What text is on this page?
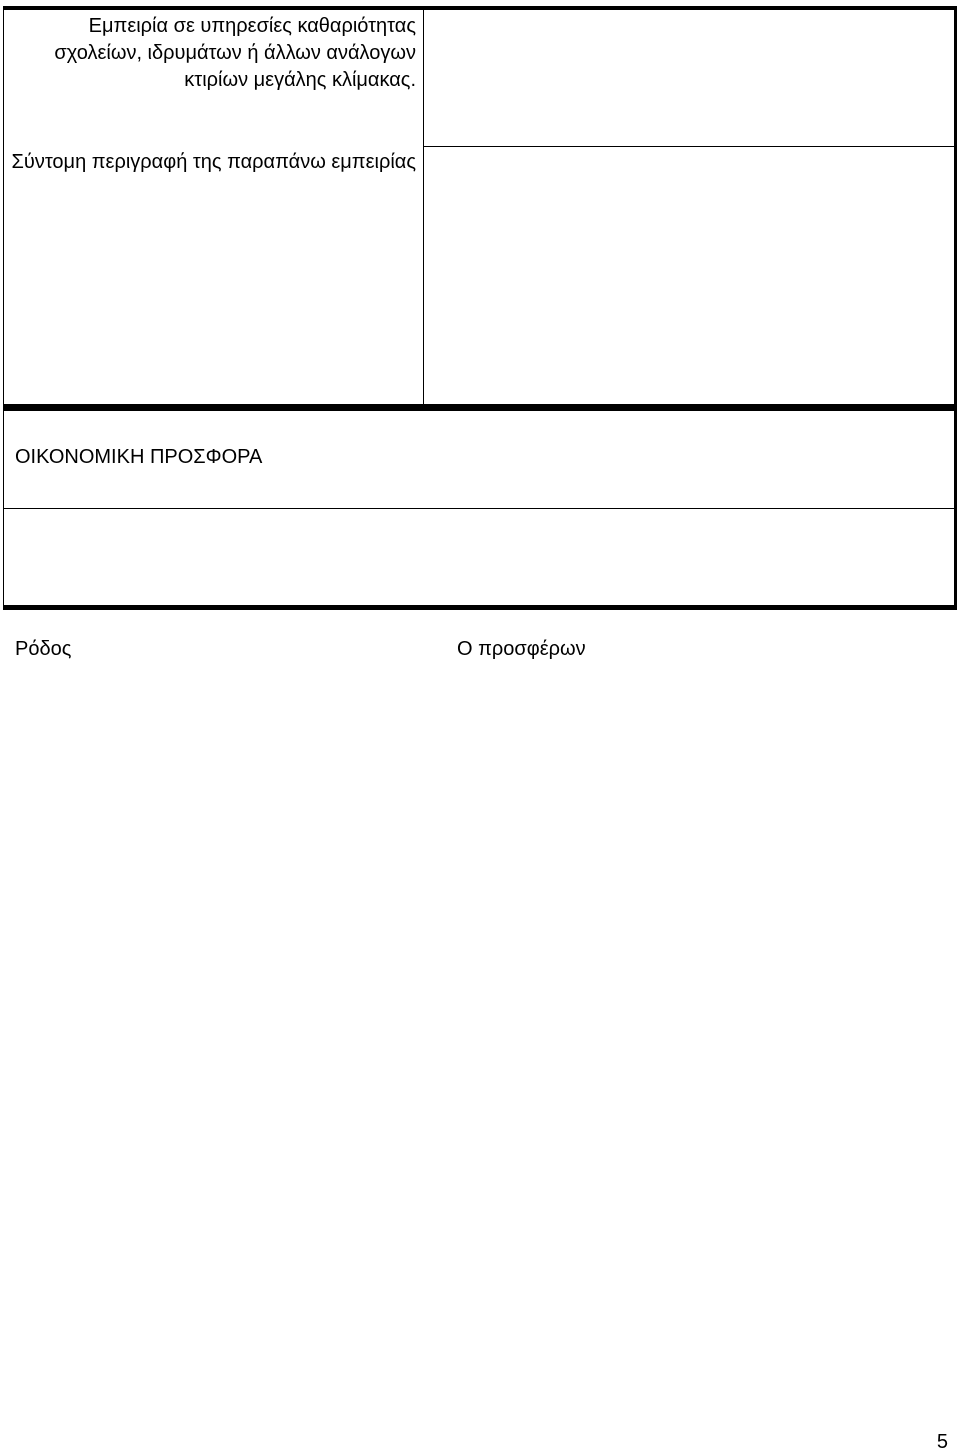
Εμπειρία σε υπηρεσίες καθαριότητας σχολείων, ιδρυμάτων ή άλλων ανάλογων κτιρίων μεγάλης κλίμακας.
Σύντομη περιγραφή της παραπάνω εμπειρίας
ΟΙΚΟΝΟΜΙΚΗ ΠΡΟΣΦΟΡΑ
Ρόδος	Ο προσφέρων
5
